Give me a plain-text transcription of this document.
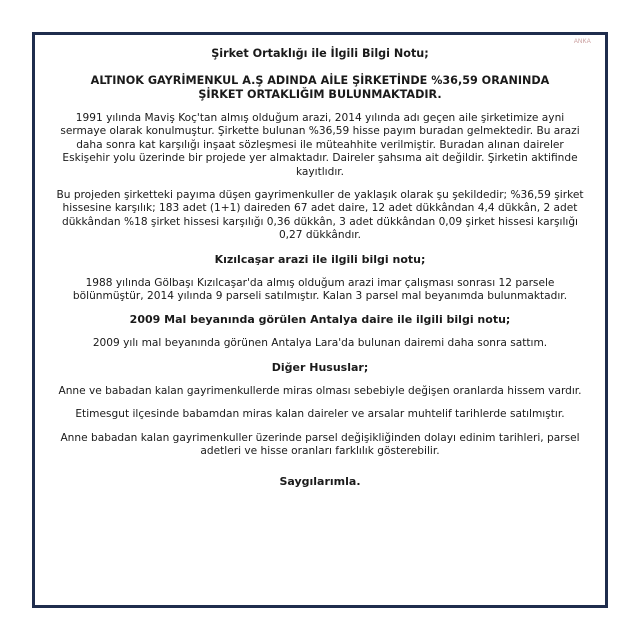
ANKA

Şirket Ortaklığı ile İlgili Bilgi Notu;

ALTINOK GAYRİMENKUL A.Ş ADINDA AİLE ŞİRKETİNDE %36,59 ORANINDA ŞİRKET ORTAKLIĞIM BULUNMAKTADIR.

1991 yılında Maviş Koç'tan almış olduğum arazi, 2014 yılında adı geçen aile şirketimize ayni sermaye olarak konulmuştur. Şirkette bulunan %36,59 hisse payım buradan gelmektedir. Bu arazi daha sonra kat karşılığı inşaat sözleşmesi ile müteahhite verilmiştir. Buradan alınan daireler Eskişehir yolu üzerinde bir projede yer almaktadır. Daireler şahsıma ait değildir. Şirketin aktifinde kayıtlıdır.

Bu projeden şirketteki payıma düşen gayrimenkuller de yaklaşık olarak şu şekildedir; %36,59 şirket hissesine karşılık; 183 adet (1+1) daireden 67 adet daire, 12 adet dükkândan 4,4 dükkân, 2 adet dükkândan %18 şirket hissesi karşılığı 0,36 dükkân, 3 adet dükkândan 0,09 şirket hissesi karşılığı 0,27 dükkândır.

Kızılcaşar arazi ile ilgili bilgi notu;

1988 yılında Gölbaşı Kızılcaşar'da almış olduğum arazi imar çalışması sonrası 12 parsele bölünmüştür, 2014 yılında 9 parseli satılmıştır. Kalan 3 parsel mal beyanımda bulunmaktadır.

2009 Mal beyanında görülen Antalya daire ile ilgili bilgi notu;

2009 yılı mal beyanında görünen Antalya Lara'da bulunan dairemi daha sonra sattım.

Diğer Hususlar;

Anne ve babadan kalan gayrimenkullerde miras olması sebebiyle değişen oranlarda hissem vardır.

Etimesgut ilçesinde babamdan miras kalan daireler ve arsalar muhtelif tarihlerde satılmıştır.

Anne babadan kalan gayrimenkuller üzerinde parsel değişikliğinden dolayı edinim tarihleri, parsel adetleri ve hisse oranları farklılık gösterebilir.

Saygılarımla.
